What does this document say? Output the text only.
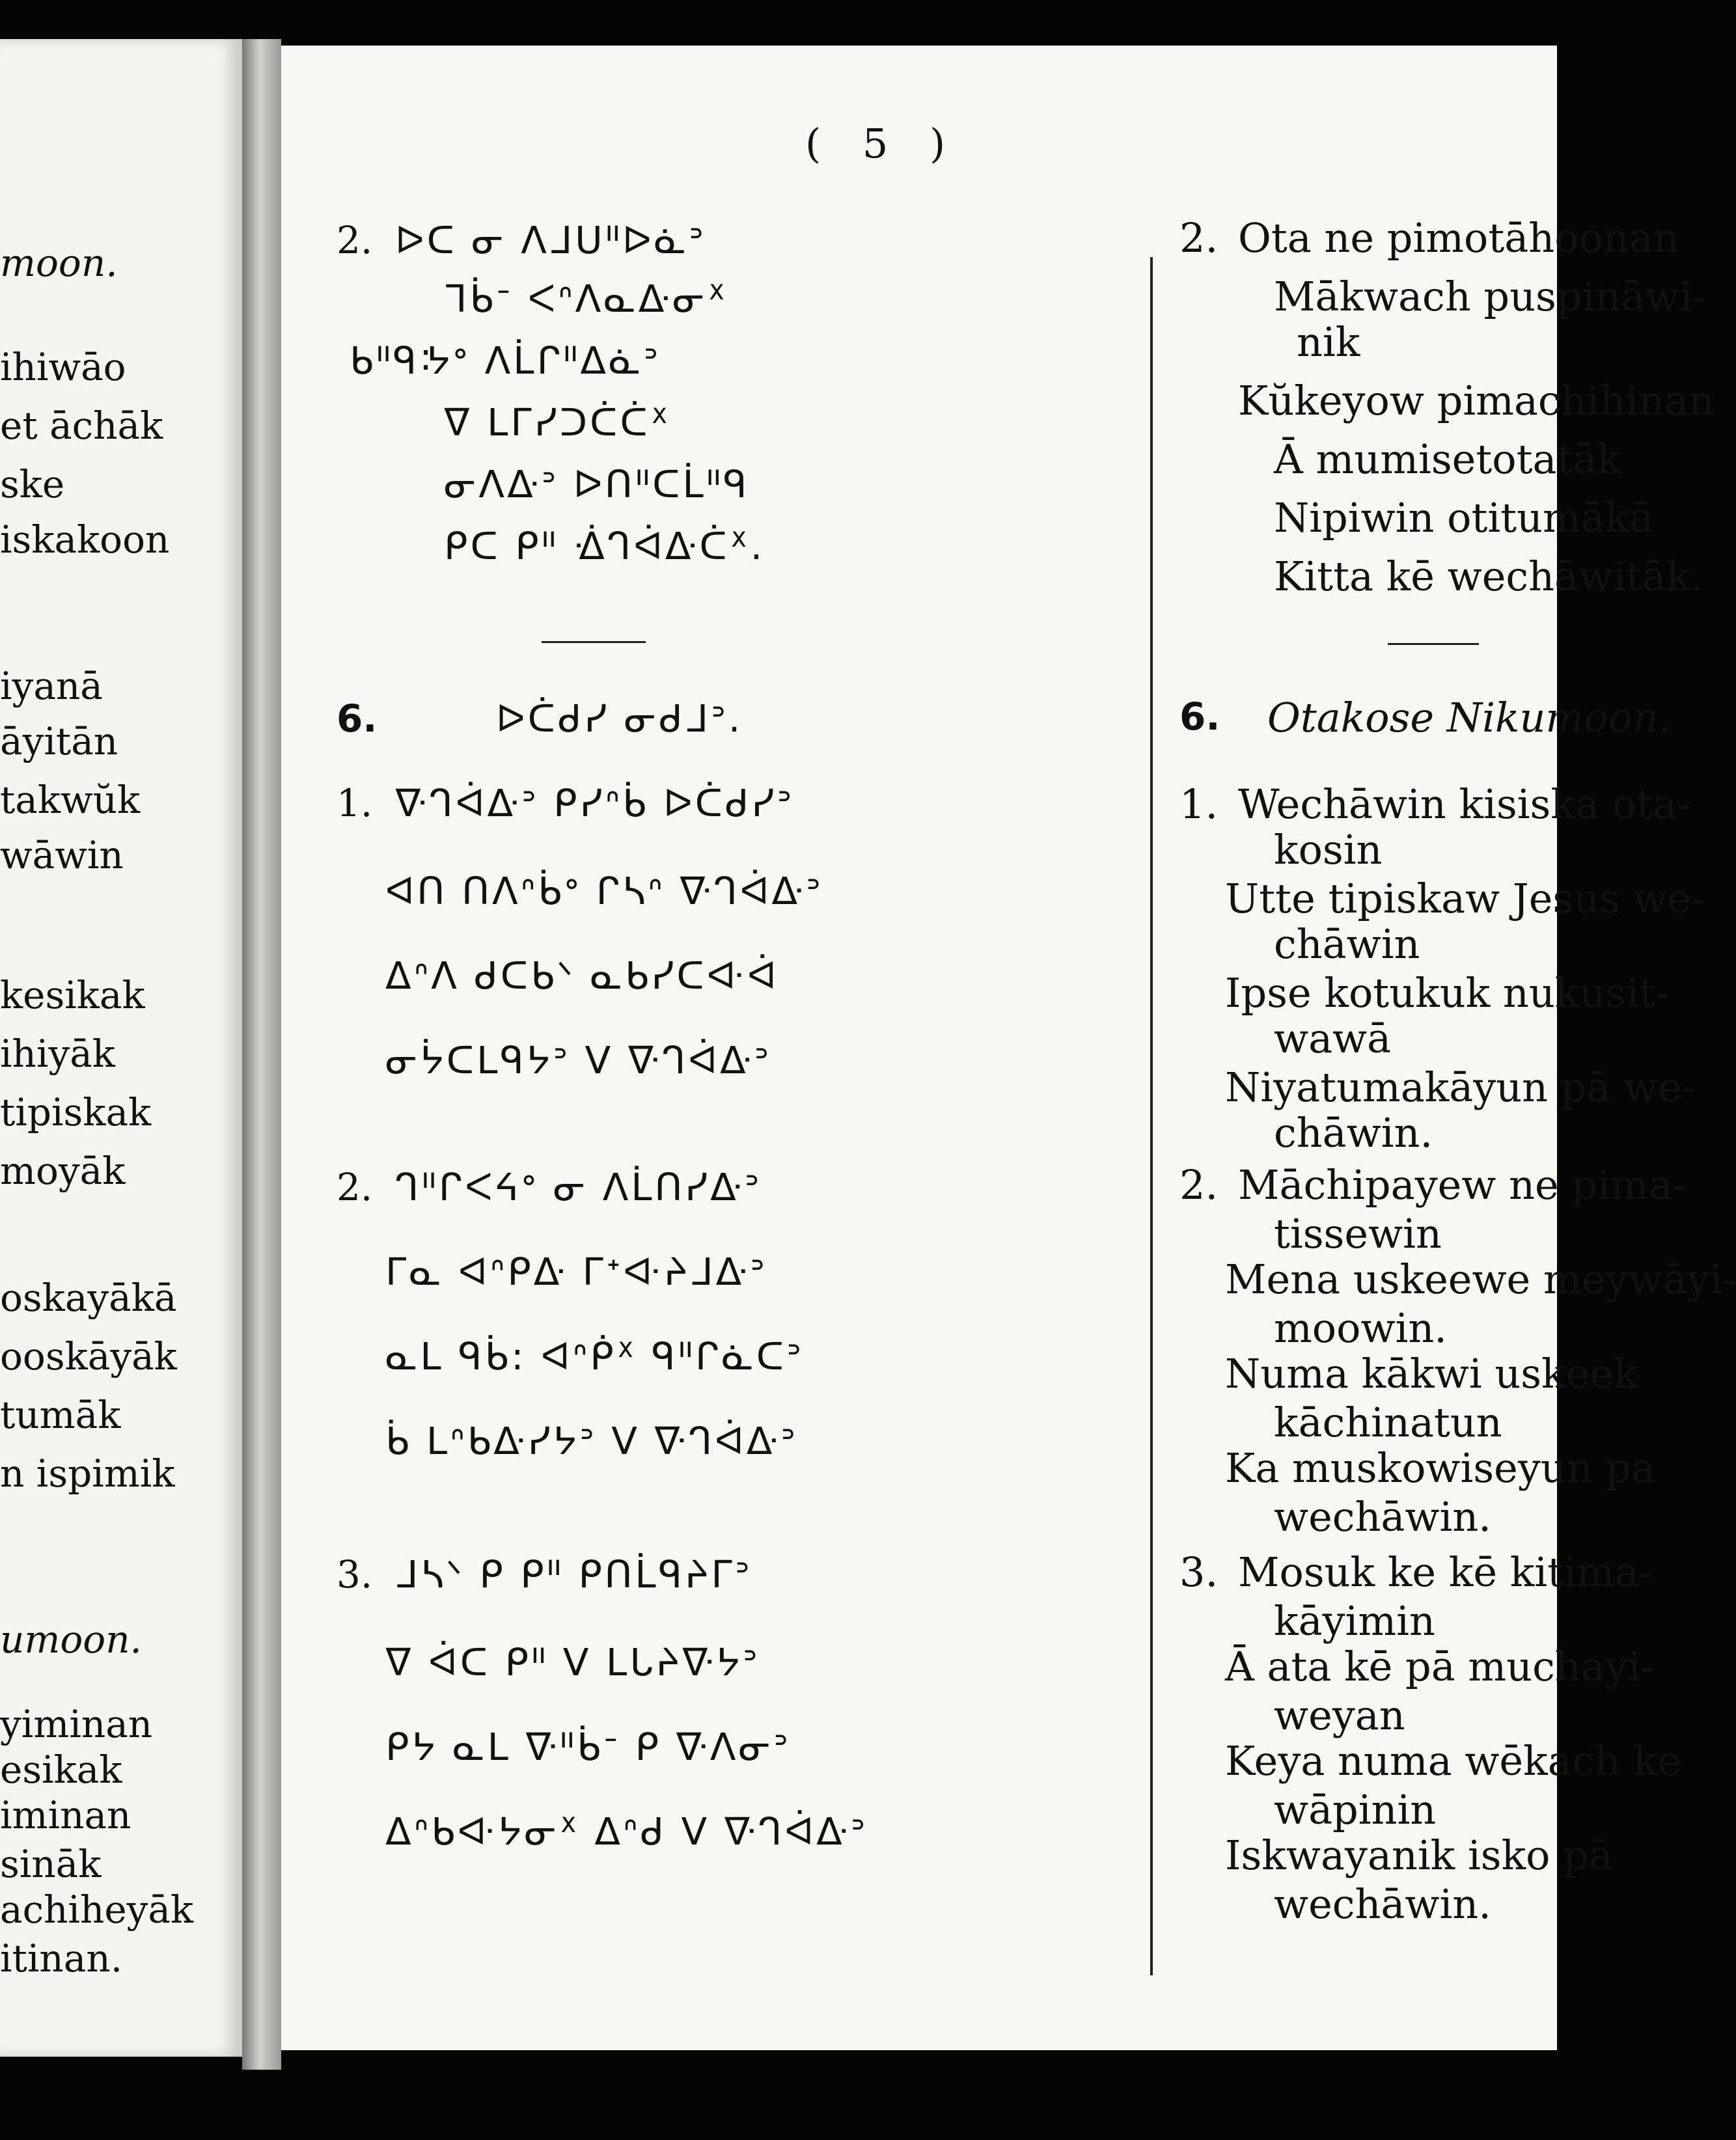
moon.
ihiwāo
et āchāk
ske
iskakoon
iyanā
āyitān
takwŭk
wāwin
kesikak
ihiyāk
tipiskak
moyāk
oskayākā
ooskāyāk
tumāk
n ispimik
umoon.
yiminan
esikak
iminan
sināk
achiheyāk
itinan.
( 5 )
2. ᐅᑕ ᓂ ᐱᒧᑌᐦᐅᓈᐣ
ᒣᑳᐨ ᐸᐢᐱᓇᐏᓂᕽ
ᑲᐦᑫᔽᐤ ᐱᒫᒋᐦᐃᓈᐣ
ᐁ ᒪᒥᓯᑐᑖᑖᕽ
ᓂᐱᐏᐣ ᐅᑎᐦᑕᒫᐦᑫ
ᑭᑕ ᑭᐦ ᐐᒉᐋᐏᑖᕽ.
6.	ᐅᑖᑯᓯ ᓂᑯᒧᐣ.
1. ᐍᒉᐋᐏᐣ ᑭᓯᐢᑳ ᐅᑖᑯᓯᐣ
ᐊᑎ ᑎᐱᐢᑳᐤ ᒋᓴᐢ ᐍᒉᐋᐏᐣ
ᐃᐢᐱ ᑯᑕᑲᐠ ᓇᑲᓯᑕᐘᐋ
ᓂᔮᑕᒪᑫᔭᐣ ᐯ ᐍᒉᐋᐏᐣ
2. ᒉᐦᒋᐸᔦᐤ ᓂ ᐱᒫᑎᓯᐏᐣ
ᒥᓇ ᐊᐢᑭᐏ ᒥᕀᐘᔨᒧᐏᐣ
ᓇᒪ ᑫᑳ: ᐊᐢᑮᕽ ᑫᐦᒋᓈᑕᐣ
ᑳ ᒪᐢᑲᐏᓯᔭᐣ ᐯ ᐍᒉᐋᐏᐣ
3. ᒧᓴᐠ ᑭ ᑭᐦ ᑭᑎᒫᑫᔨᒥᐣ
ᐁ ᐋᑕ ᑭᐦ ᐯ ᒪᒐᔨᐍᔭᐣ
ᑭᔭ ᓇᒪ ᐍᐦᑳᐨ ᑭ ᐍᐱᓂᐣ
ᐃᐢᑲᐘᔭᓂᕽ ᐃᐢᑯ ᐯ ᐍᒉᐋᐏᐣ
2. Ota ne pimotāhoonan
Mākwach puspināwi-
nik
Kŭkeyow pimachihinan
Ā mumisetotatāk
Nipiwin otitumākā
Kitta kē wechāwitāk.
6. Otakose Nikumoon.
1. Wechāwin kisiska ota-
kosin
Utte tipiskaw Jesus we-
chāwin
Ipse kotukuk nukusit-
wawā
Niyatumakāyun pā we-
chāwin.
2. Māchipayew ne pima-
tissewin
Mena uskeewe meywāyi-
moowin.
Numa kākwi uskeek
kāchinatun
Ka muskowiseyun pa
wechāwin.
3. Mosuk ke kē kitima-
kāyimin
Ā ata kē pā muchayi-
weyan
Keya numa wēkach ke
wāpinin
Iskwayanik isko pā
wechāwin.
